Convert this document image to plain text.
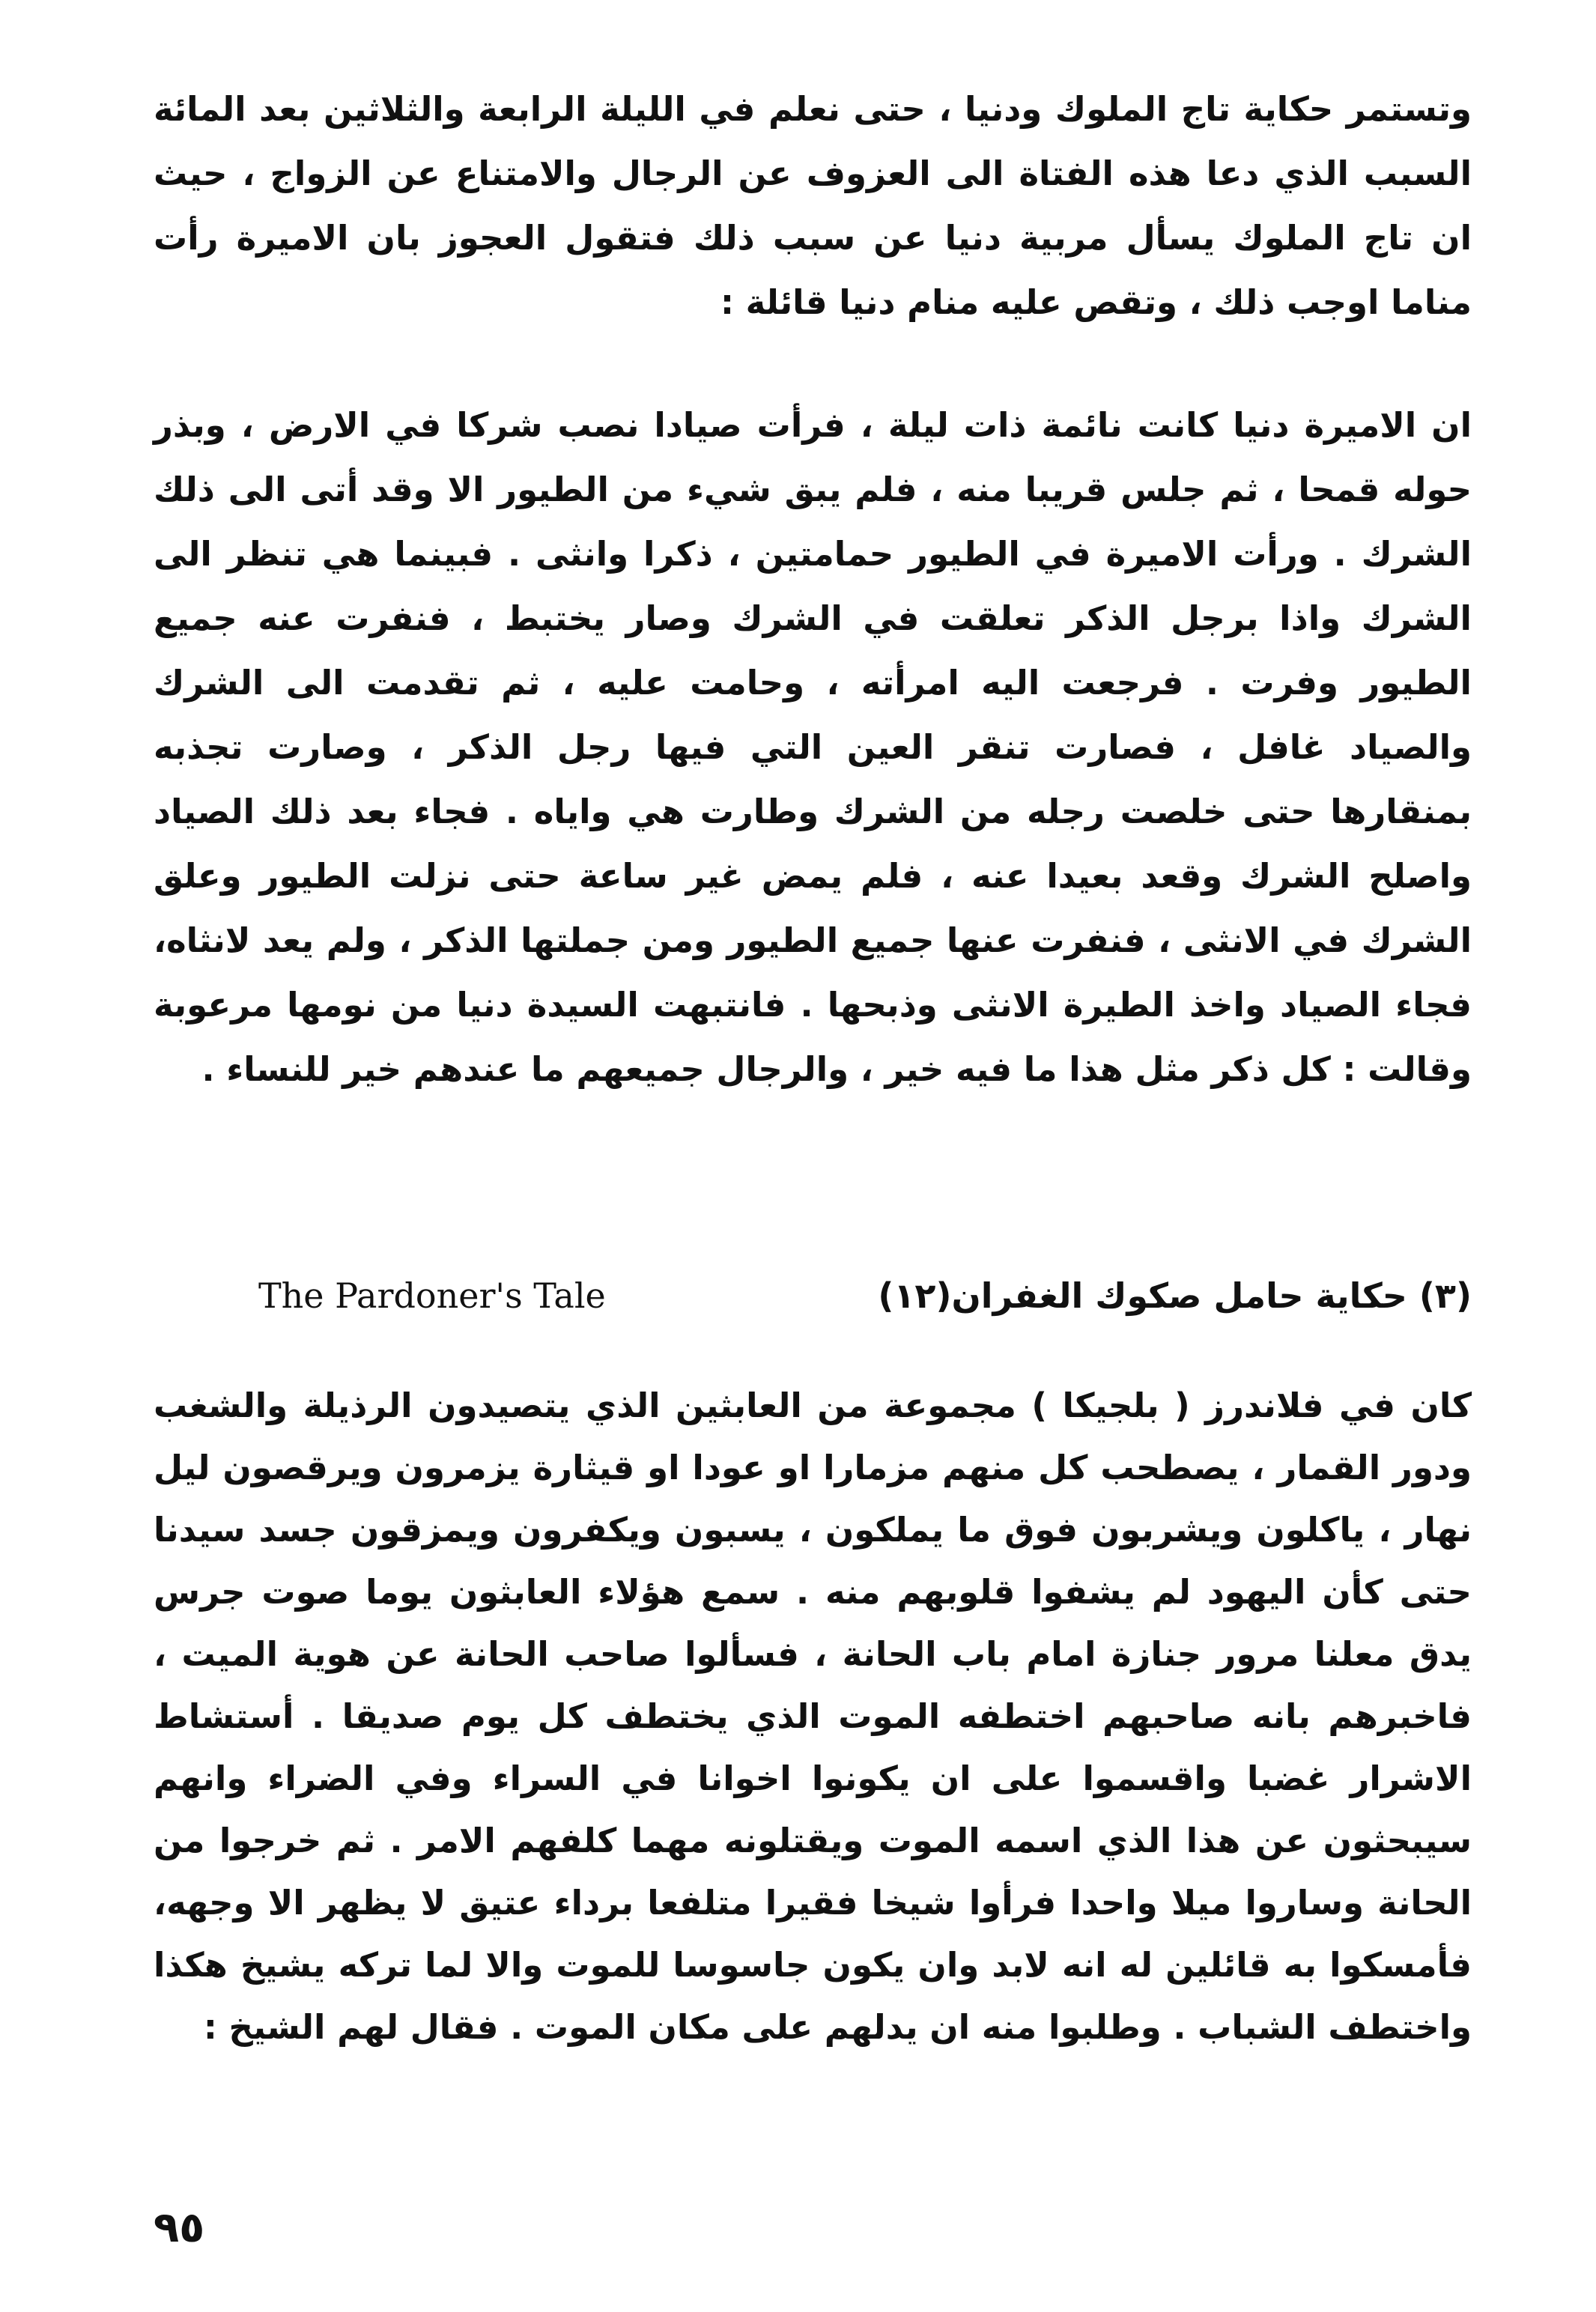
وتستمر حكاية تاج الملوك ودنيا ، حتى نعلم في الليلة الرابعة والثلاثين بعد المائة السبب الذي دعا هذه الفتاة الى العزوف عن الرجال والامتناع عن الزواج ، حيث ان تاج الملوك يسأل مربية دنيا عن سبب ذلك فتقول العجوز بان الاميرة رأت مناما اوجب ذلك ، وتقص عليه منام دنيا قائلة :

ان الاميرة دنيا كانت نائمة ذات ليلة ، فرأت صيادا نصب شركا في الارض ، وبذر حوله قمحا ، ثم جلس قريبا منه ، فلم يبق شيء من الطيور الا وقد أتى الى ذلك الشرك . ورأت الاميرة في الطيور حمامتين ، ذكرا وانثى . فبينما هي تنظر الى الشرك واذا برجل الذكر تعلقت في الشرك وصار يختبط ، فنفرت عنه جميع الطيور وفرت . فرجعت اليه امرأته ، وحامت عليه ، ثم تقدمت الى الشرك والصياد غافل ، فصارت تنقر العين التي فيها رجل الذكر ، وصارت تجذبه بمنقارها حتى خلصت رجله من الشرك وطارت هي واياه . فجاء بعد ذلك الصياد واصلح الشرك وقعد بعيدا عنه ، فلم يمض غير ساعة حتى نزلت الطيور وعلق الشرك في الانثى ، فنفرت عنها جميع الطيور ومن جملتها الذكر ، ولم يعد لانثاه، فجاء الصياد واخذ الطيرة الانثى وذبحها . فانتبهت السيدة دنيا من نومها مرعوبة وقالت : كل ذكر مثل هذا ما فيه خير ، والرجال جميعهم ما عندهم خير للنساء .

(٣) حكاية حامل صكوك الغفران(١٢)
The Pardoner's Tale

كان في فلاندرز ( بلجيكا ) مجموعة من العابثين الذي يتصيدون الرذيلة والشغب ودور القمار ، يصطحب كل منهم مزمارا او عودا او قيثارة يزمرون ويرقصون ليل نهار ، ياكلون ويشربون فوق ما يملكون ، يسبون ويكفرون ويمزقون جسد سيدنا حتى كأن اليهود لم يشفوا قلوبهم منه . سمع هؤلاء العابثون يوما صوت جرس يدق معلنا مرور جنازة امام باب الحانة ، فسألوا صاحب الحانة عن هوية الميت ، فاخبرهم بانه صاحبهم اختطفه الموت الذي يختطف كل يوم صديقا . أستشاط الاشرار غضبا واقسموا على ان يكونوا اخوانا في السراء وفي الضراء وانهم سيبحثون عن هذا الذي اسمه الموت ويقتلونه مهما كلفهم الامر . ثم خرجوا من الحانة وساروا ميلا واحدا فرأوا شيخا فقيرا متلفعا برداء عتيق لا يظهر الا وجهه، فأمسكوا به قائلين له انه لابد وان يكون جاسوسا للموت والا لما تركه يشيخ هكذا واختطف الشباب . وطلبوا منه ان يدلهم على مكان الموت . فقال لهم الشيخ :

٩٥
